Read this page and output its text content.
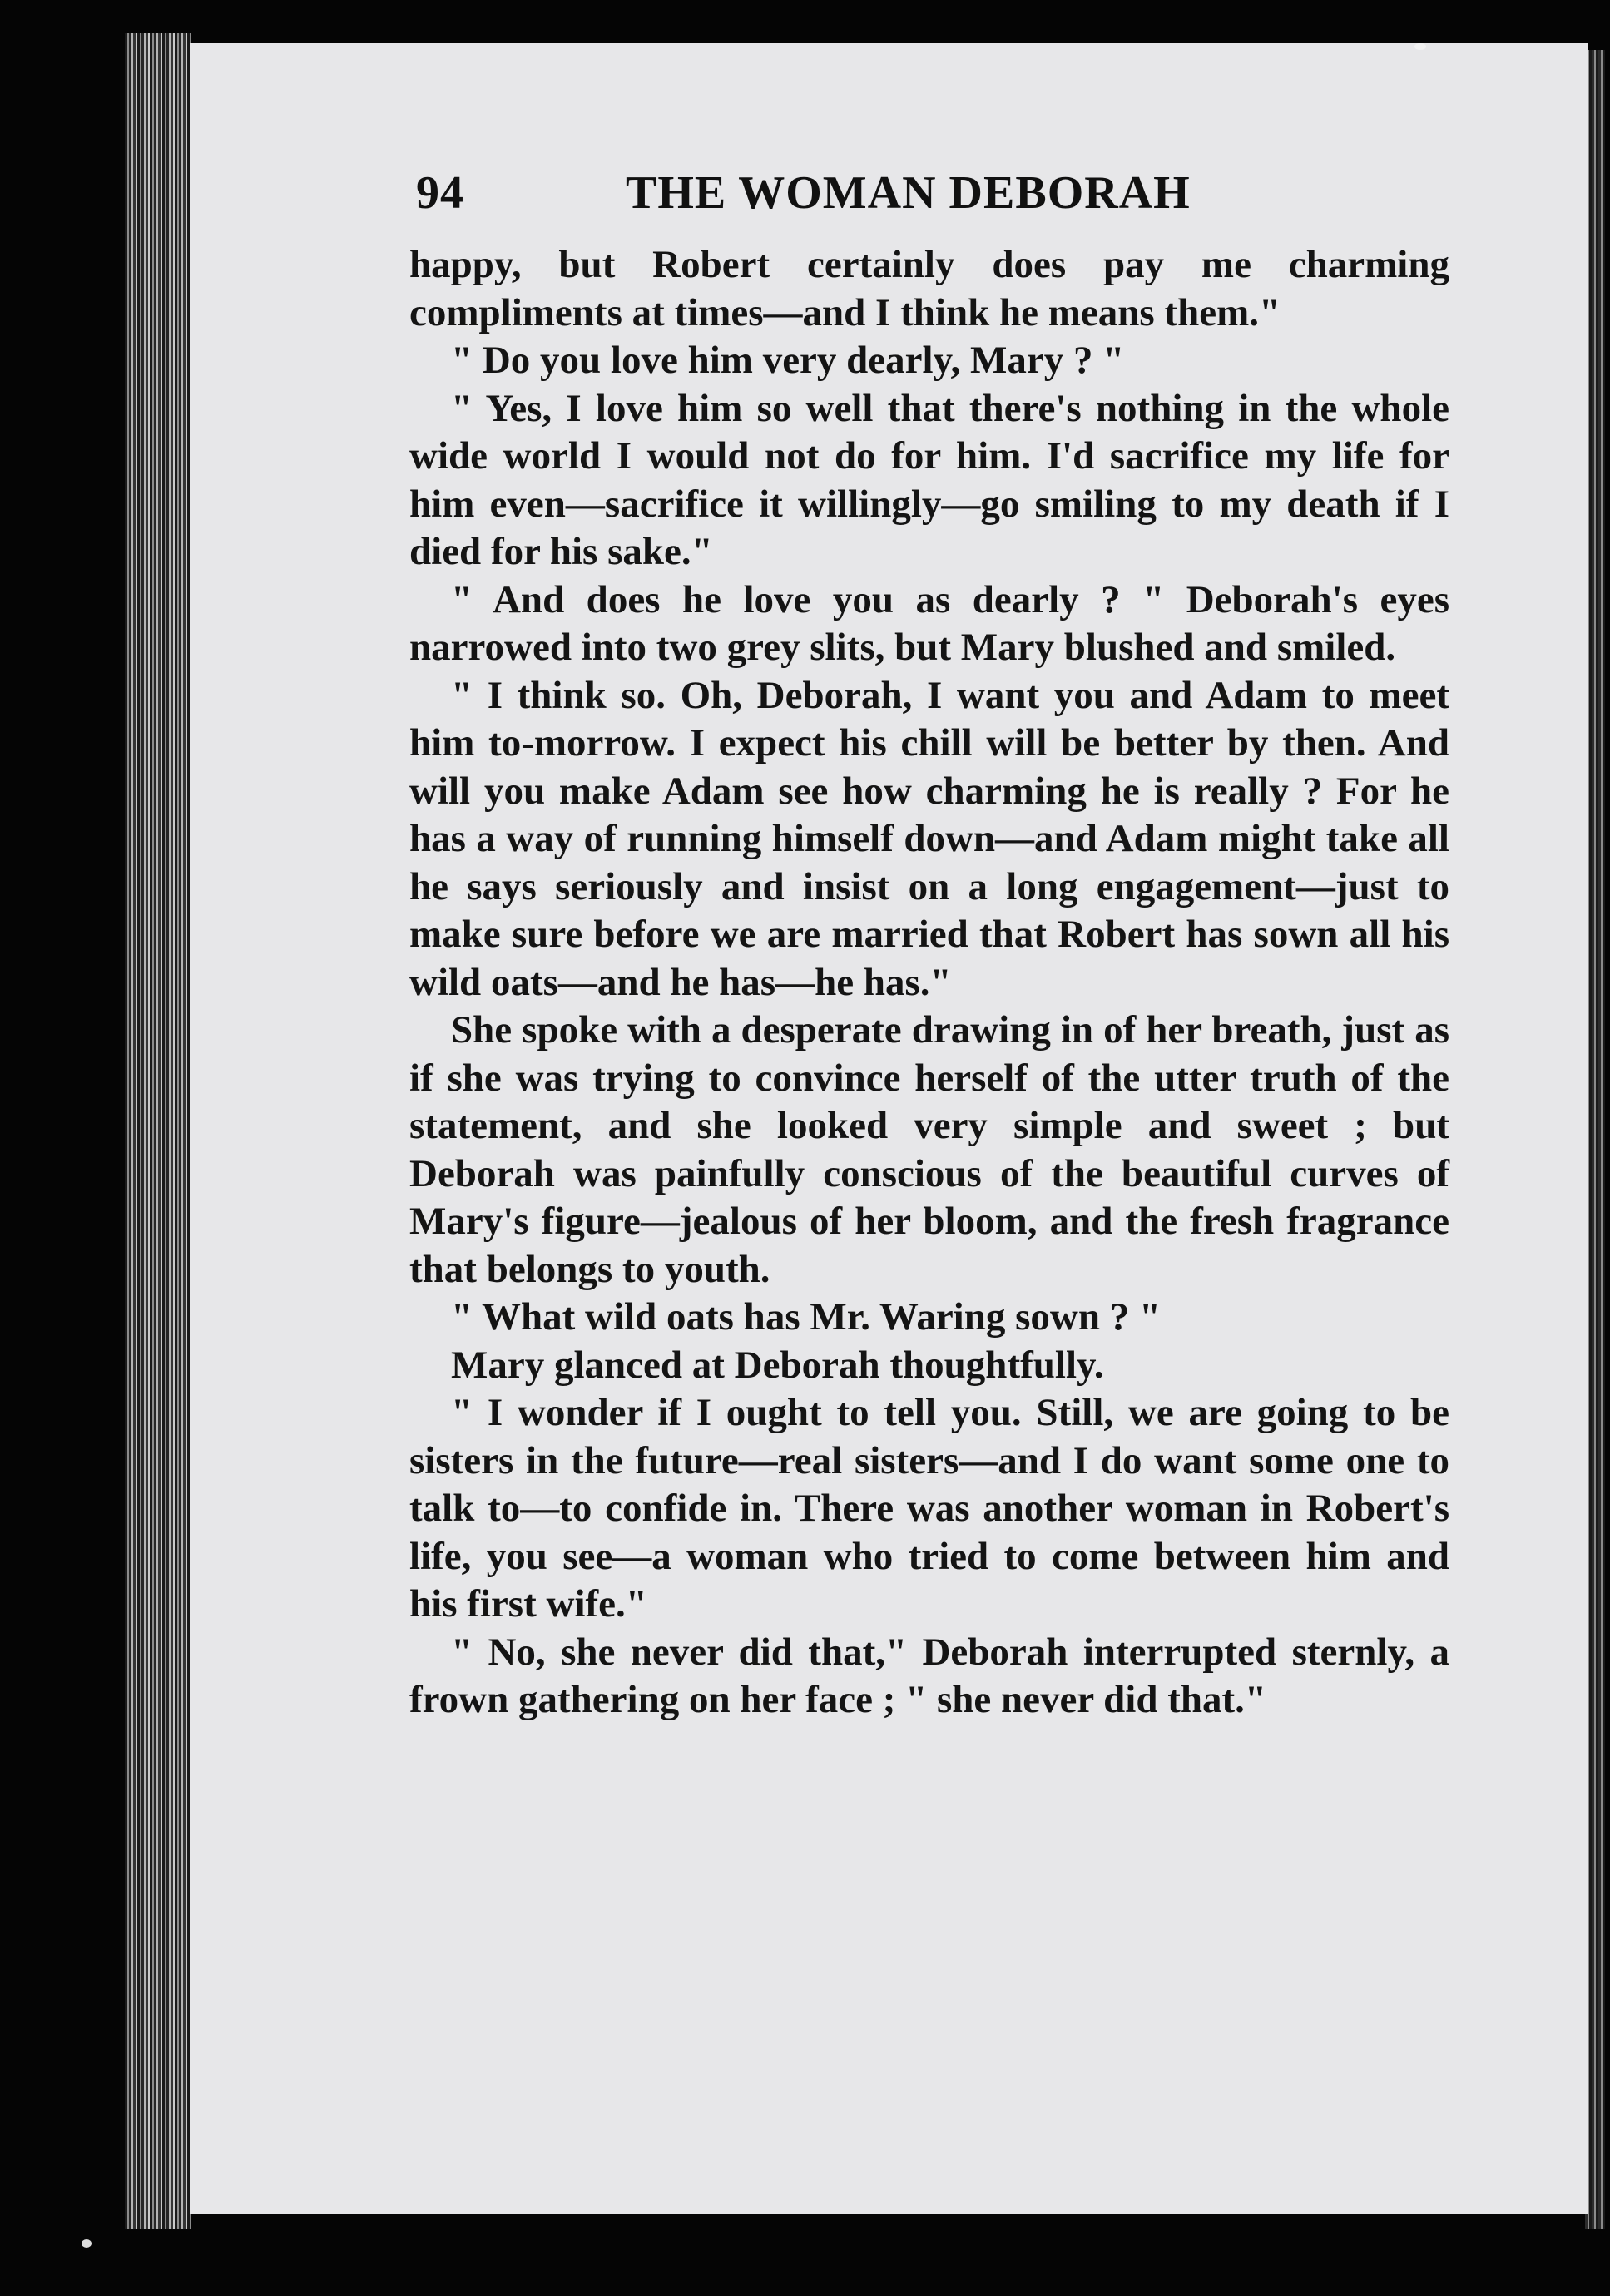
94	THE WOMAN DEBORAH

happy, but Robert certainly does pay me charming compliments at times—and I think he means them."

" Do you love him very dearly, Mary ? "

" Yes, I love him so well that there's nothing in the whole wide world I would not do for him. I'd sacrifice my life for him even—sacrifice it willingly—go smiling to my death if I died for his sake."

" And does he love you as dearly ? " Deborah's eyes narrowed into two grey slits, but Mary blushed and smiled.

" I think so. Oh, Deborah, I want you and Adam to meet him to-morrow. I expect his chill will be better by then. And will you make Adam see how charming he is really ? For he has a way of running himself down—and Adam might take all he says seriously and insist on a long engagement—just to make sure before we are married that Robert has sown all his wild oats—and he has—he has."

She spoke with a desperate drawing in of her breath, just as if she was trying to convince herself of the utter truth of the statement, and she looked very simple and sweet ; but Deborah was painfully conscious of the beautiful curves of Mary's figure—jealous of her bloom, and the fresh fragrance that belongs to youth.

" What wild oats has Mr. Waring sown ? "

Mary glanced at Deborah thoughtfully.

" I wonder if I ought to tell you. Still, we are going to be sisters in the future—real sisters—and I do want some one to talk to—to confide in. There was another woman in Robert's life, you see—a woman who tried to come between him and his first wife."

" No, she never did that," Deborah interrupted sternly, a frown gathering on her face ; " she never did that."
